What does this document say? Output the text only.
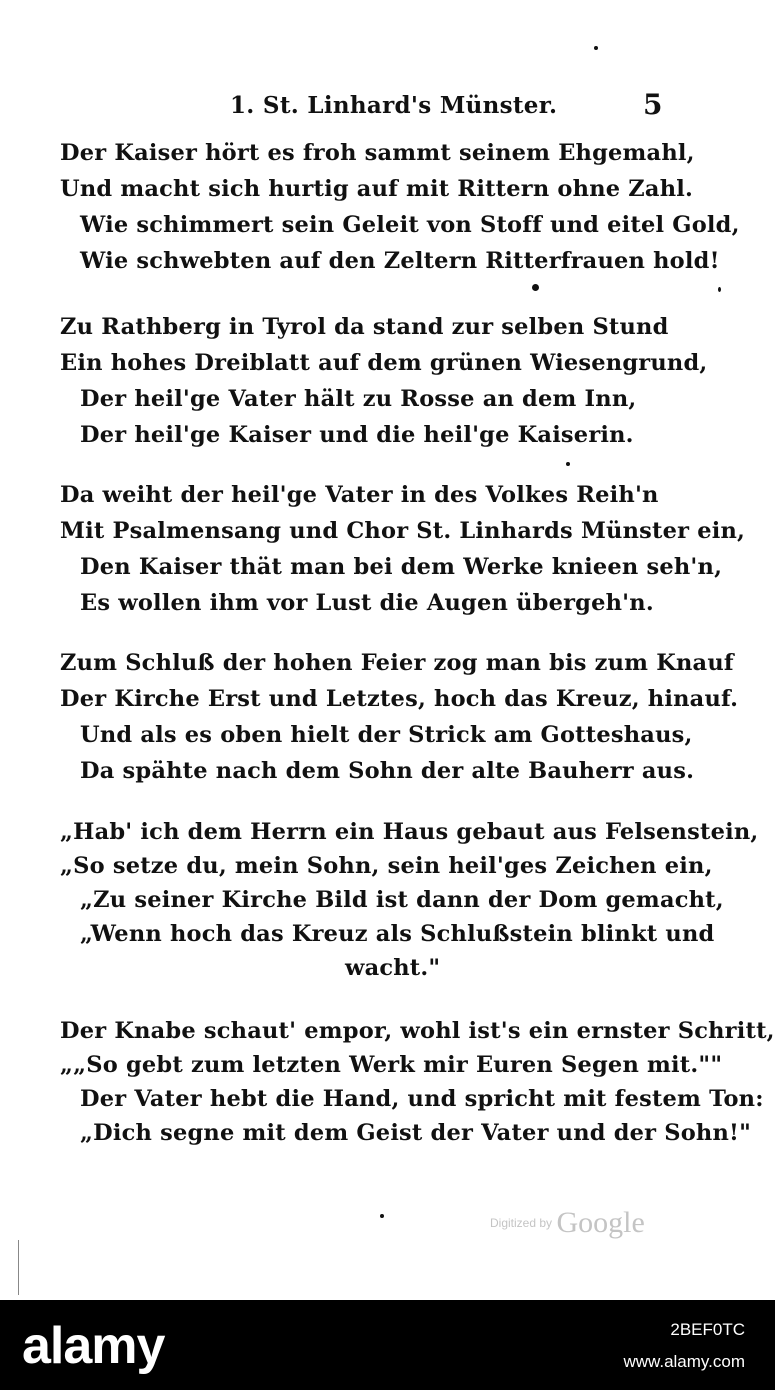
1. St. Linhard's Münster.	5
Der Kaiser hört es froh sammt seinem Ehgemahl,
Und macht sich hurtig auf mit Rittern ohne Zahl.
Wie schimmert sein Geleit von Stoff und eitel Gold,
Wie schwebten auf den Zeltern Ritterfrauen hold!
Zu Rathberg in Tyrol da stand zur selben Stund
Ein hohes Dreiblatt auf dem grünen Wiesengrund,
Der heil'ge Vater hält zu Rosse an dem Inn,
Der heil'ge Kaiser und die heil'ge Kaiserin.
Da weiht der heil'ge Vater in des Volkes Reih'n
Mit Psalmensang und Chor St. Linhards Münster ein,
Den Kaiser thät man bei dem Werke knieen seh'n,
Es wollen ihm vor Lust die Augen übergeh'n.
Zum Schluß der hohen Feier zog man bis zum Knauf
Der Kirche Erst und Letztes, hoch das Kreuz, hinauf.
Und als es oben hielt der Strick am Gotteshaus,
Da spähte nach dem Sohn der alte Bauherr aus.
„Hab' ich dem Herrn ein Haus gebaut aus Felsenstein,
„So setze du, mein Sohn, sein heil'ges Zeichen ein,
„Zu seiner Kirche Bild ist dann der Dom gemacht,
„Wenn hoch das Kreuz als Schlußstein blinkt und
wacht."
Der Knabe schaut' empor, wohl ist's ein ernster Schritt,
„„So gebt zum letzten Werk mir Euren Segen mit.""
Der Vater hebt die Hand, und spricht mit festem Ton:
„Dich segne mit dem Geist der Vater und der Sohn!"
Digitized by Google
alamy	2BEF0TC
www.alamy.com
